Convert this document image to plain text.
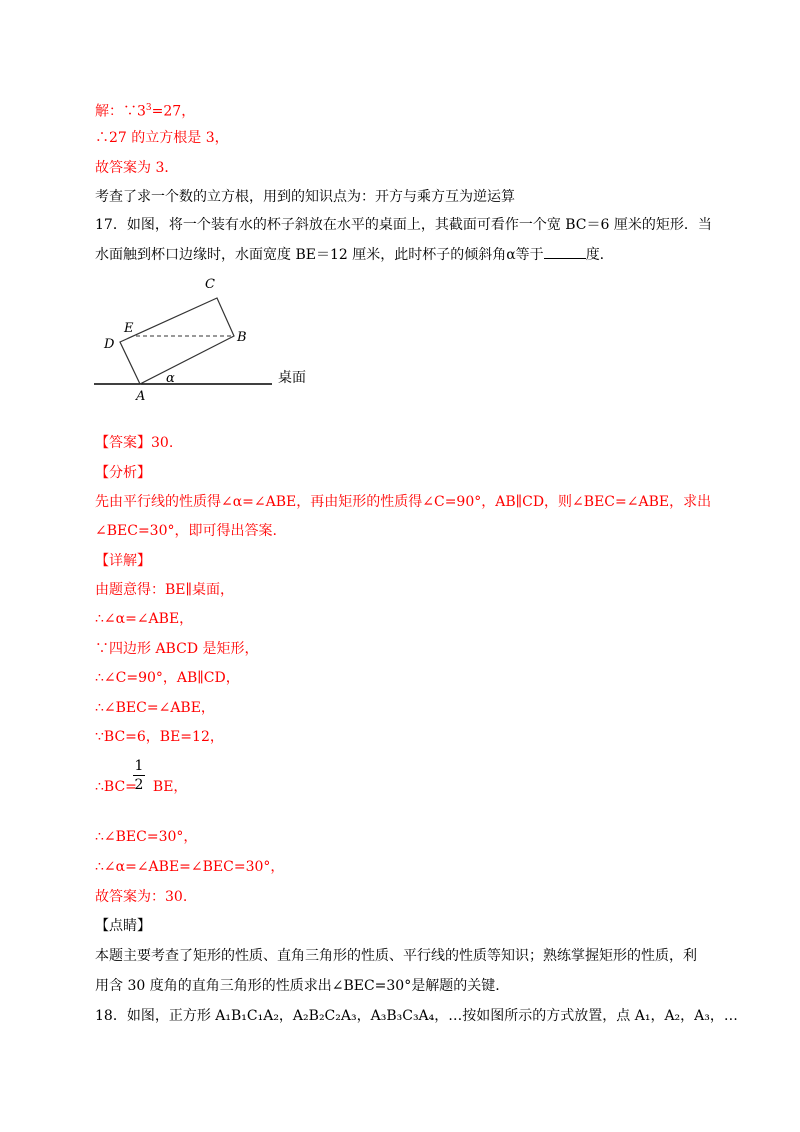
解：$\because 3^3=27$，
∴27 的立方根是 3，
故答案为 3．
考查了求一个数的立方根，用到的知识点为：开方与乘方互为逆运算
17．如图，将一个装有水的杯子斜放在水平的桌面上，其截面可看作一个宽 BC＝6 厘米的矩形．当
水面触到杯口边缘时，水面宽度 BE＝12 厘米，此时杯子的倾斜角α等于	度.
C
E
D	B
A
α	桌面
【答案】30.
【分析】
先由平行线的性质得∠α=∠ABE，再由矩形的性质得∠C=90°，AB∥CD，则∠BEC=∠ABE，求出
∠BEC=30°，即可得出答案.
【详解】
由题意得：BE∥桌面，
∴∠α=∠ABE，
∵四边形 ABCD 是矩形，
∴∠C=90°，AB∥CD，
∴∠BEC=∠ABE，
∵BC=6，BE=12，
1
2
∴BC= BE，
∴∠BEC=30°，
∴∠α=∠ABE=∠BEC=30°，
故答案为：30.
【点睛】
本题主要考查了矩形的性质、直角三角形的性质、平行线的性质等知识；熟练掌握矩形的性质，利
用含 30 度角的直角三角形的性质求出∠BEC=30°是解题的关键.
18．如图，正方形 A₁B₁C₁A₂，A₂B₂C₂A₃，A₃B₃C₃A₄，…按如图所示的方式放置，点 A₁，A₂，A₃，…
